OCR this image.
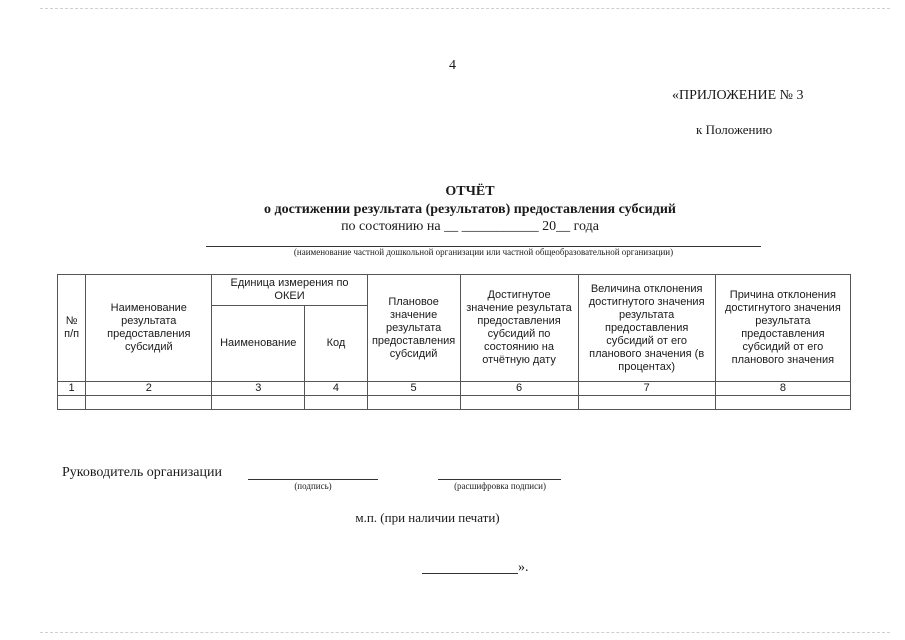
4
«ПРИЛОЖЕНИЕ № 3
к Положению
ОТЧЁТ
о достижении результата (результатов) предоставления субсидий
по состоянию на __ ___________ 20__ года
(наименование частной дошкольной организации или частной общеобразовательной организации)
№ п/п	Наименование результата предоставления субсидий	Единица измерения по ОКЕИ		Плановое значение результата предоставления субсидий	Достигнутое значение результата предоставления субсидий по состоянию на отчётную дату	Величина отклонения достигнутого значения результата предоставления субсидий от его планового значения (в процентах)	Причина отклонения достигнутого значения результата предоставления субсидий от его планового значения
		Наименование	Код				
1	2	3	4	5	6	7	8

Руководитель организации
(подпись)	(расшифровка подписи)
м.п. (при наличии печати)
».
